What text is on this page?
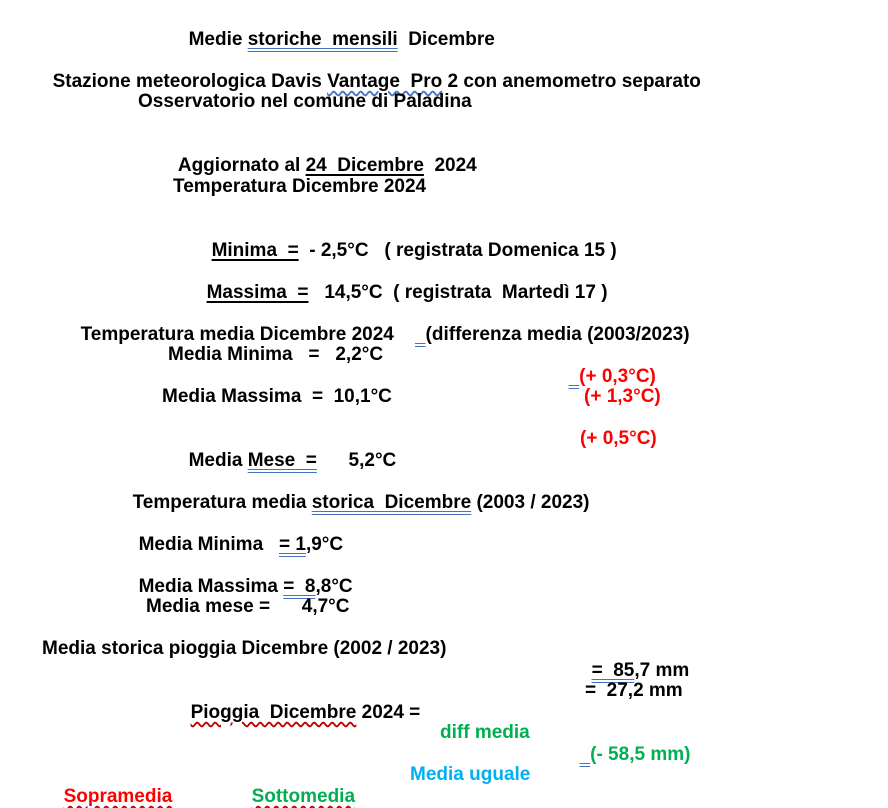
Medie storiche  mensili  Dicembre

Stazione meteorologica Davis Vantage  Pro 2 con anemometro separato

Osservatorio nel comune di Paladina

Aggiornato al 24  Dicembre  2024

Temperatura Dicembre 2024

Minima  =  - 2,5°C   ( registrata Domenica 15 )

Massima  =   14,5°C  ( registrata  Martedì 17 )

Temperatura media Dicembre 2024      (differenza media (2003/2023)

Media Minima   =   2,2°C

(+ 0,3°C)

Media Massima  =  10,1°C	(+ 1,3°C)

Media Mese  =      5,2°C

(+ 0,5°C)

Temperatura media storica  Dicembre (2003 / 2023)

Media Minima   = 1,9°C

Media Massima =  8,8°C

Media mese =      4,7°C
Media storica pioggia Dicembre (2002 / 2023)

=  85,7 mm

Pioggia  Dicembre 2024 =

=  27,2 mm
diff media

(- 58,5 mm)

Sopramedia	Sottomedia

Media uguale
